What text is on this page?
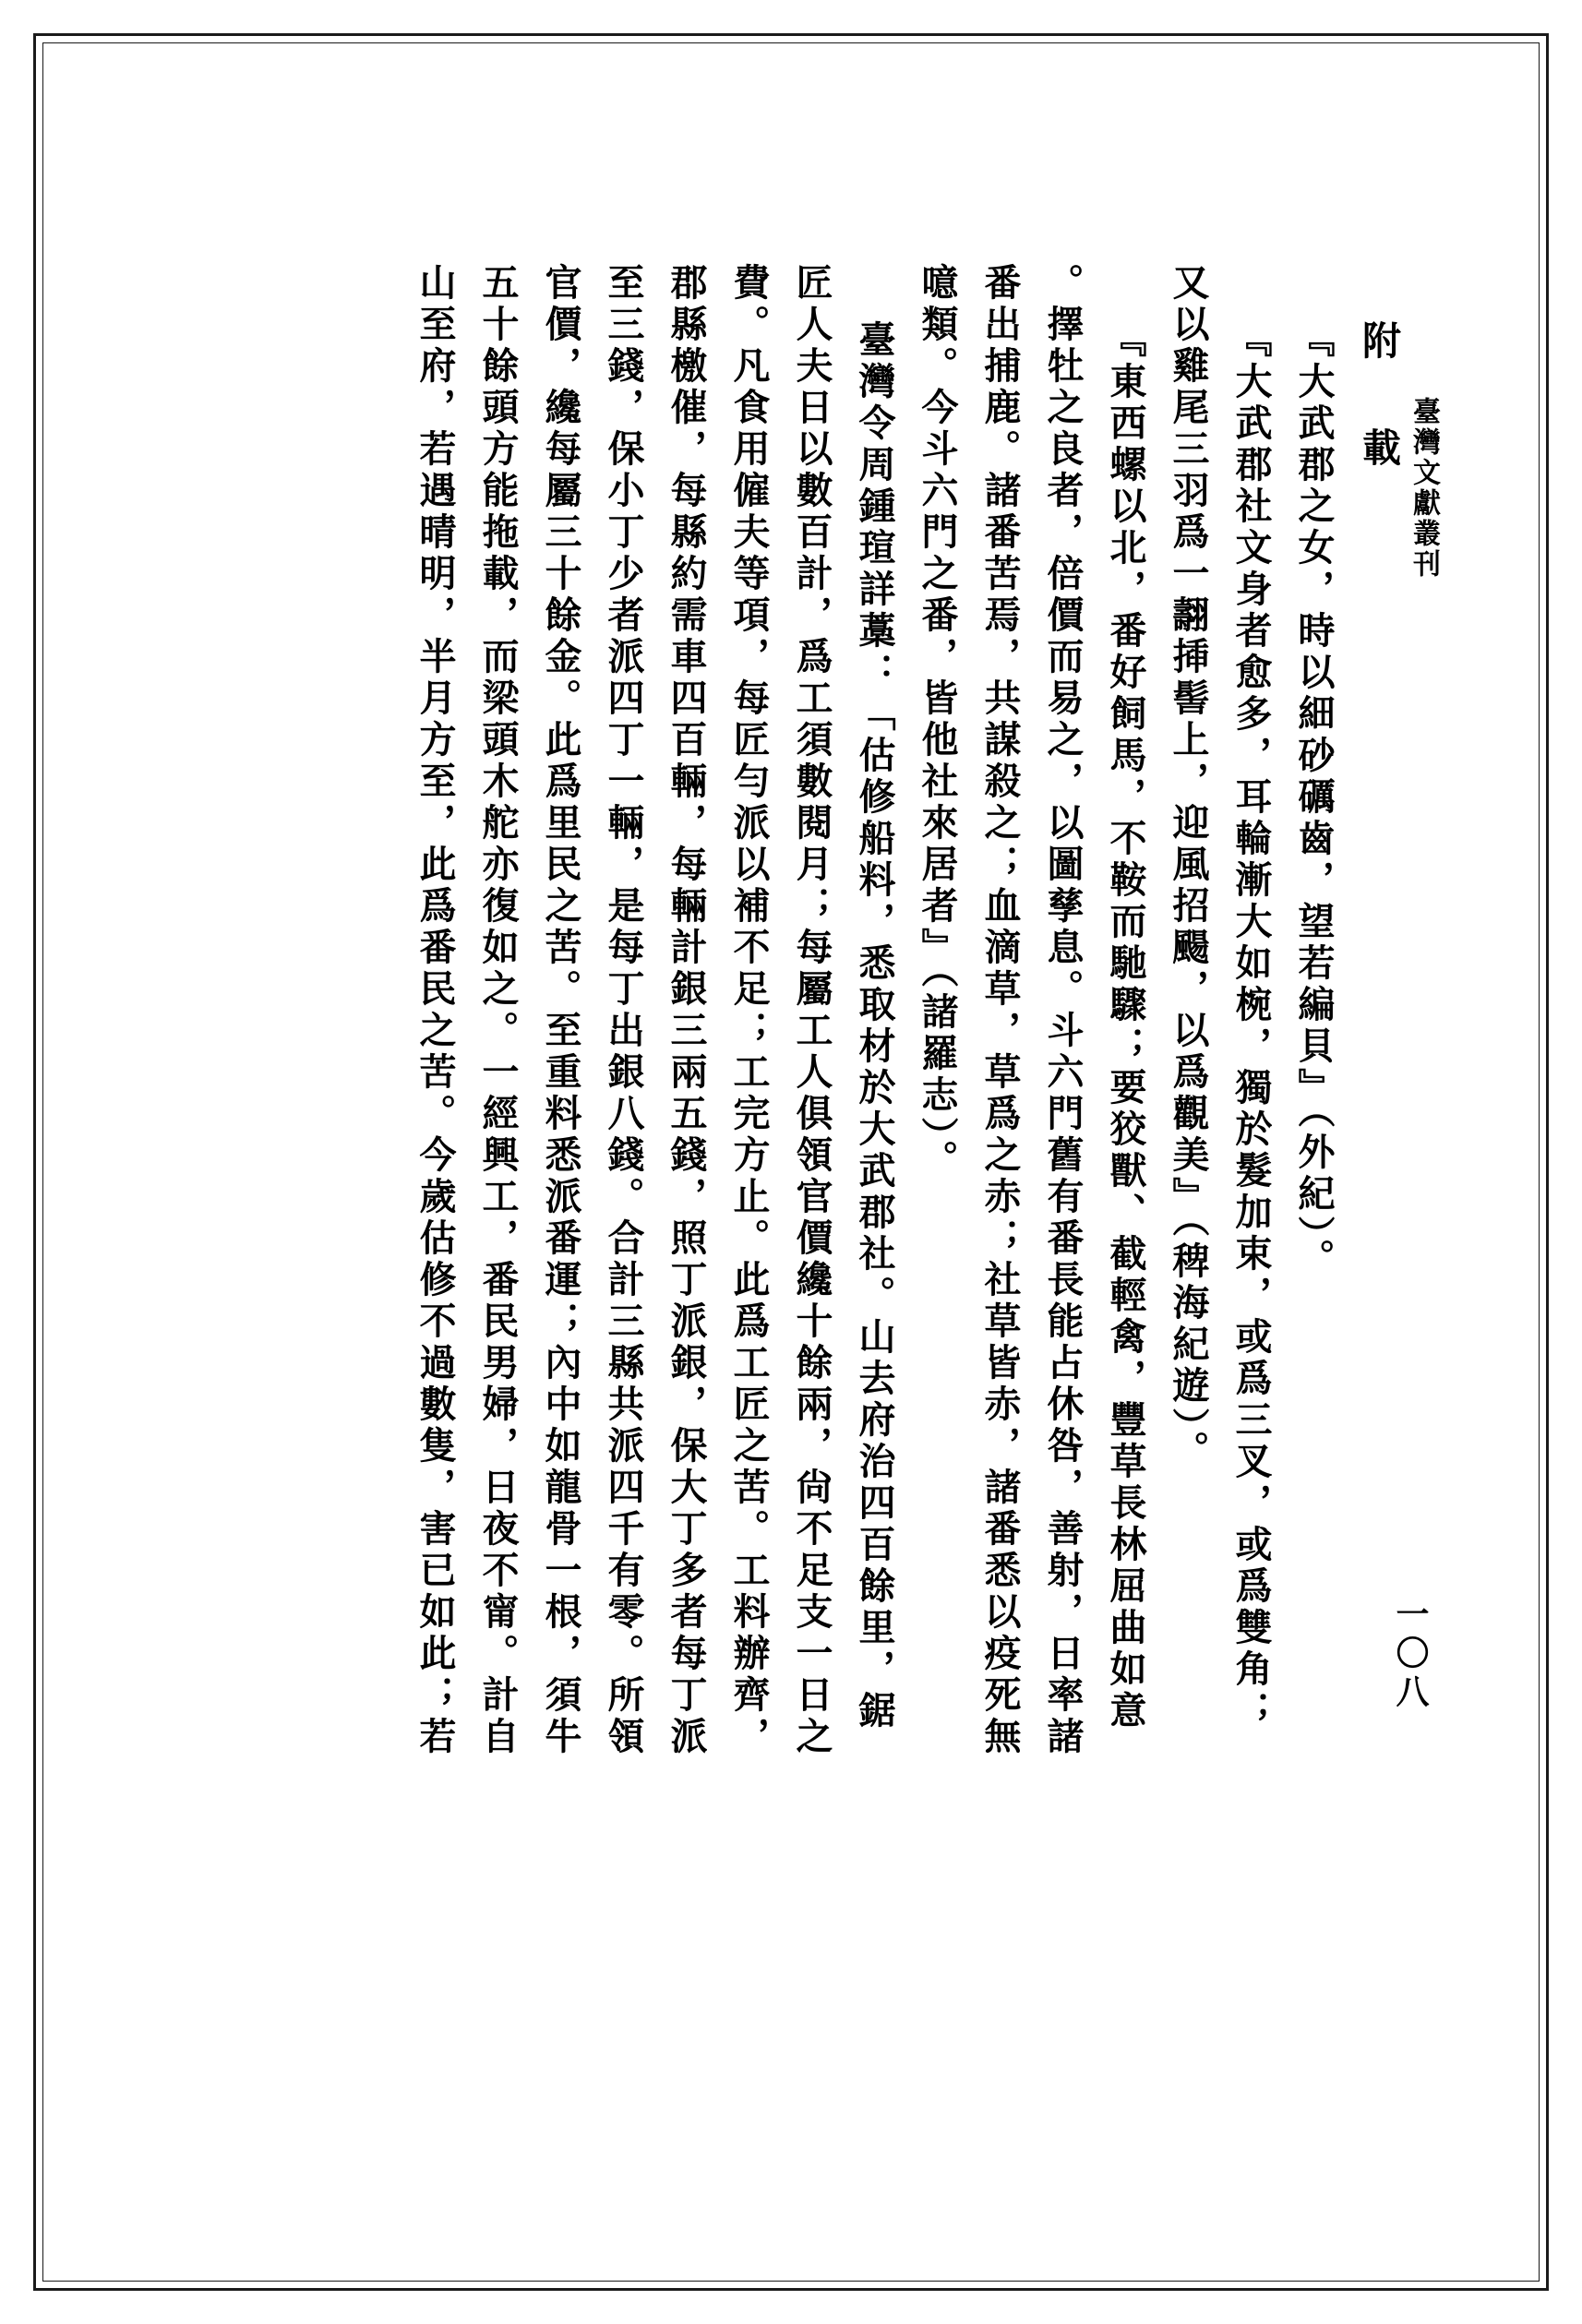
臺灣文獻叢刊
一〇八
附　載
『大武郡之女，時以細砂礪齒，望若編貝』（外紀）。
『大武郡社文身者愈多，耳輪漸大如椀，獨於髮加束，或爲三叉，或爲雙角；
又以雞尾三羽爲一翿揷髻上，迎風招颺，以爲觀美』（稗海紀遊）。
『東西螺以北，番好飼馬，不鞍而馳驟；要狡獸、截輕禽，豐草長林屈曲如意
。擇牡之良者，倍價而易之，以圖孳息。斗六門舊有番長能占休咎，善射，日率諸
番出捕鹿。諸番苦焉，共謀殺之；血滴草，草爲之赤；社草皆赤，諸番悉以疫死無
噫類。今斗六門之番，皆他社來居者』（諸羅志）。
臺灣令周鍾瑄詳藁：「估修船料，悉取材於大武郡社。山去府治四百餘里，鋸
匠人夫日以數百計，爲工須數閱月；每屬工人俱領官價纔十餘兩，尙不足支一日之
費。凡食用僱夫等項，每匠勻派以補不足；工完方止。此爲工匠之苦。工料辦齊，
郡縣檄催，每縣約需車四百輛，每輛計銀三兩五錢，照丁派銀，保大丁多者每丁派
至三錢，保小丁少者派四丁一輛，是每丁出銀八錢。合計三縣共派四千有零。所領
官價，纔每屬三十餘金。此爲里民之苦。至重料悉派番運；內中如龍骨一根，須牛
五十餘頭方能拖載，而梁頭木舵亦復如之。一經興工，番民男婦，日夜不甯。計自
山至府，若遇晴明，半月方至，此爲番民之苦。今歲估修不過數隻，害已如此；若
